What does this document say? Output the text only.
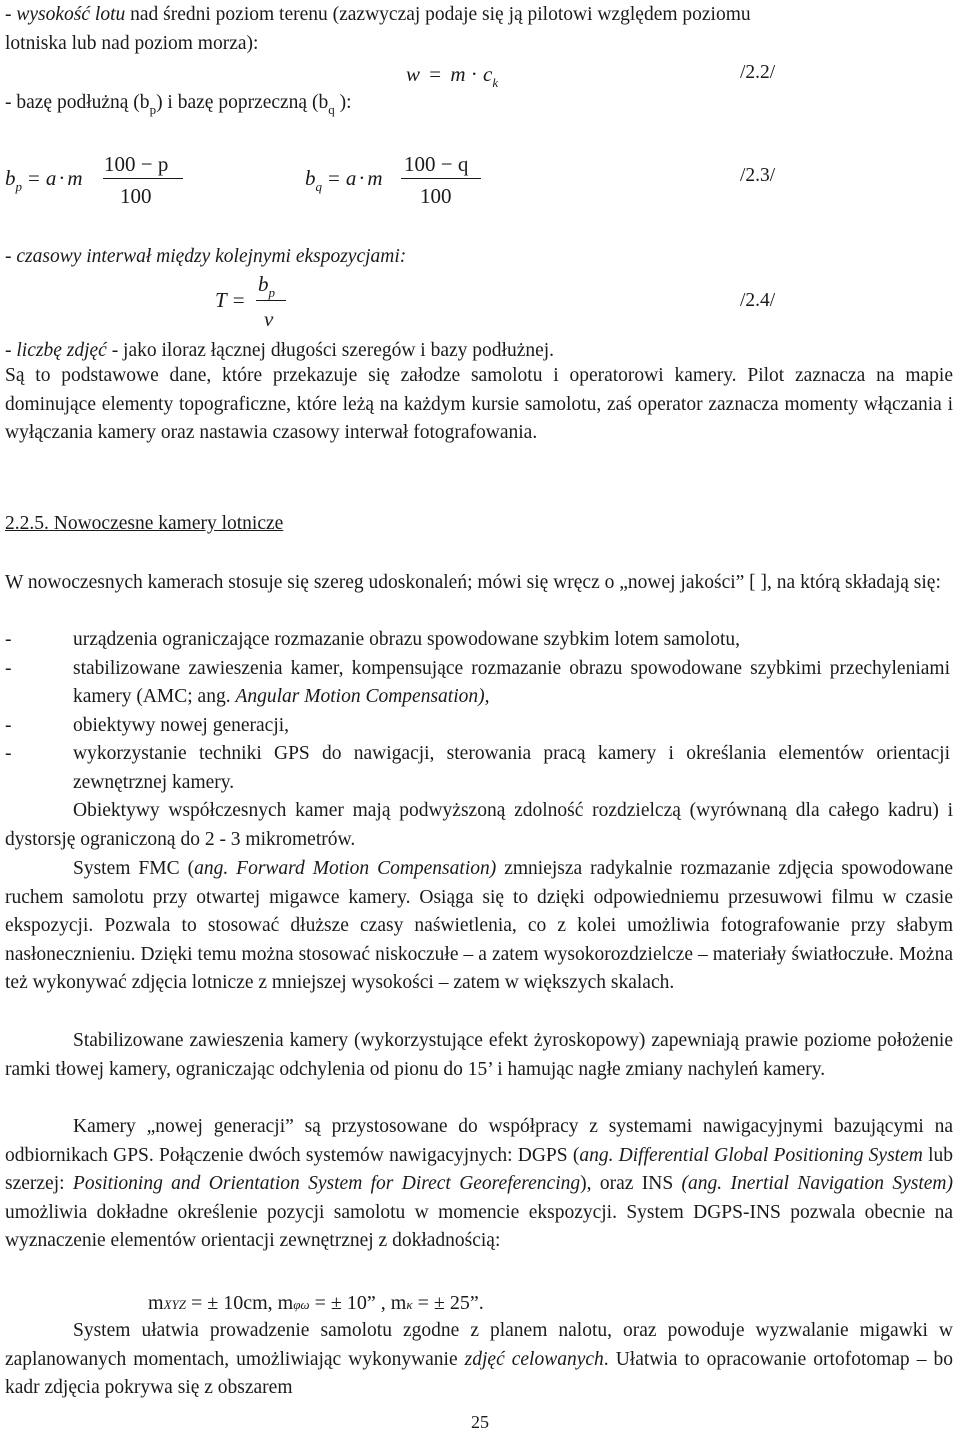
- wysokość lotu nad średni poziom terenu (zazwyczaj podaje się ją pilotowi względem poziomu
lotniska lub nad poziom morza):
$w = m \cdot c_k$	/2.2/
- bazę podłużną $(b_p)$ i bazę poprzeczną ($b_q$ ):
$b_p = a\cdot m$
100 − p
100
$b_q = a\cdot m$
100 − q
100
/2.3/
- czasowy interwał między kolejnymi ekspozycjami:
T =
$b_p$
v
/2.4/
- liczbę zdjęć - jako iloraz łącznej długości szeregów i bazy podłużnej.

Są to podstawowe dane, które przekazuje się załodze samolotu i operatorowi kamery. Pilot zaznacza na mapie dominujące elementy topograficzne, które leżą na każdym kursie samolotu, zaś operator zaznacza momenty włączania i wyłączania kamery oraz nastawia czasowy interwał fotografowania.

2.2.5. Nowoczesne kamery lotnicze

W nowoczesnych kamerach stosuje się szereg udoskonaleń; mówi się wręcz o „nowej jakości” [ ], na którą składają się:

-	urządzenia ograniczające rozmazanie obrazu spowodowane szybkim lotem samolotu,
-	stabilizowane zawieszenia kamer, kompensujące rozmazanie obrazu spowodowane szybkimi przechyleniami kamery (AMC; ang. Angular Motion Compensation),
-	obiektywy nowej generacji,
-	wykorzystanie techniki GPS do nawigacji, sterowania pracą kamery i określania elementów orientacji zewnętrznej kamery.

Obiektywy współczesnych kamer mają podwyższoną zdolność rozdzielczą (wyrównaną dla całego kadru) i dystorsję ograniczoną do 2 - 3 mikrometrów.

System FMC (ang. Forward Motion Compensation) zmniejsza radykalnie rozmazanie zdjęcia spowodowane ruchem samolotu przy otwartej migawce kamery. Osiąga się to dzięki odpowiedniemu przesuwowi filmu w czasie ekspozycji. Pozwala to stosować dłuższe czasy naświetlenia, co z kolei umożliwia fotografowanie przy słabym nasłonecznieniu. Dzięki temu można stosować niskoczułe – a zatem wysokorozdzielcze – materiały światłoczułe. Można też wykonywać zdjęcia lotnicze z mniejszej wysokości – zatem w większych skalach.

Stabilizowane zawieszenia kamery (wykorzystujące efekt żyroskopowy) zapewniają prawie poziome położenie ramki tłowej kamery, ograniczając odchylenia od pionu do 15’ i hamując nagłe zmiany nachyleń kamery.

Kamery „nowej generacji” są przystosowane do współpracy z systemami nawigacyjnymi bazującymi na odbiornikach GPS. Połączenie dwóch systemów nawigacyjnych: DGPS (ang. Differential Global Positioning System lub szerzej: Positioning and Orientation System for Direct Georeferencing), oraz INS (ang. Inertial Navigation System) umożliwia dokładne określenie pozycji samolotu w momencie ekspozycji. System DGPS-INS pozwala obecnie na wyznaczenie elementów orientacji zewnętrznej z dokładnością:

mXYZ = ± 10cm, mφω = ± 10” , mκ = ± 25”.

System ułatwia prowadzenie samolotu zgodne z planem nalotu, oraz powoduje wyzwalanie migawki w zaplanowanych momentach, umożliwiając wykonywanie zdjęć celowanych. Ułatwia to opracowanie ortofotomap – bo kadr zdjęcia pokrywa się z obszarem

25
